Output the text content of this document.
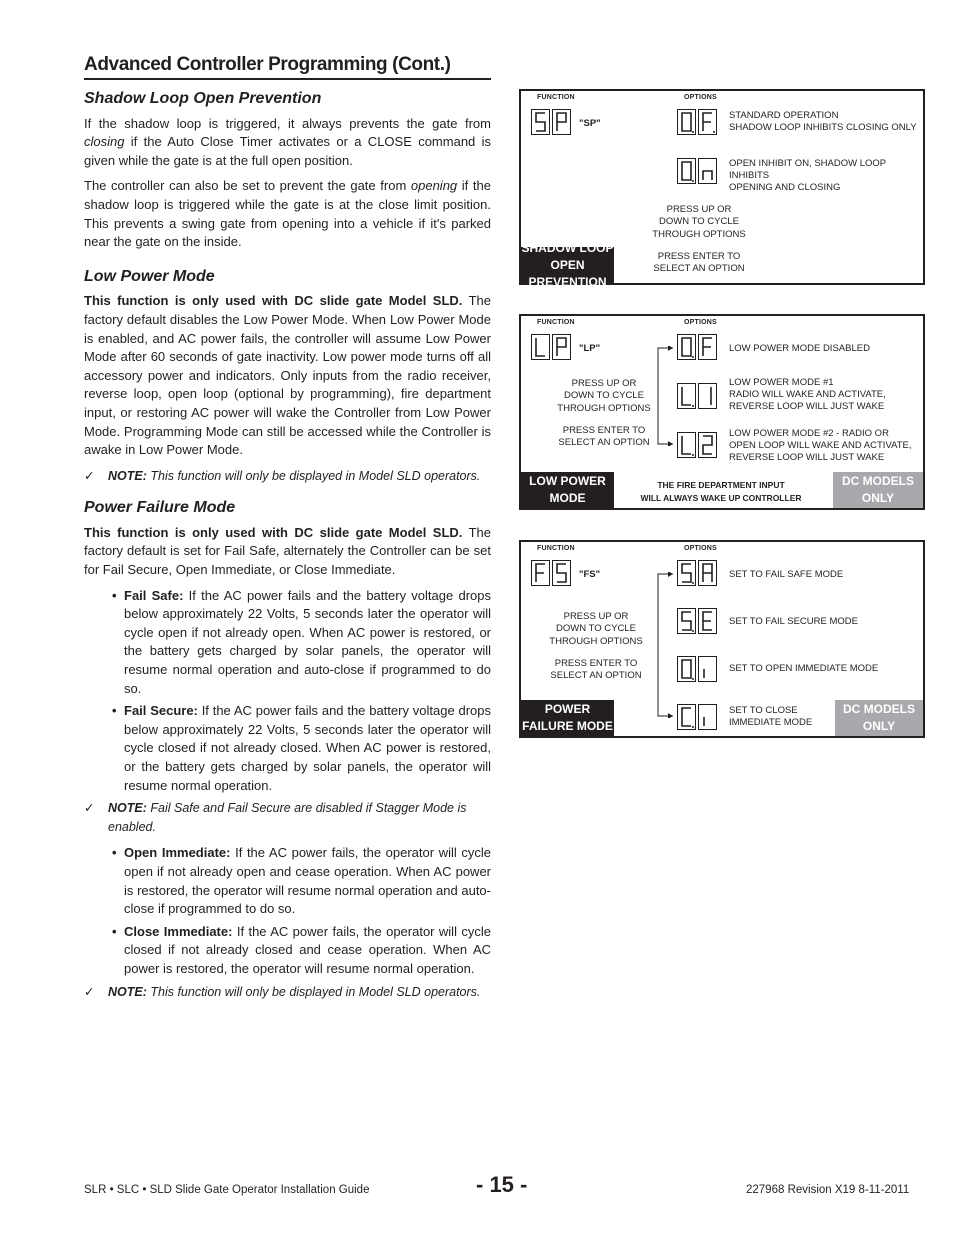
Advanced Controller Programming (Cont.)
Shadow Loop Open Prevention

If the shadow loop is triggered, it always prevents the gate from closing if the Auto Close Timer activates or a CLOSE command is given while the gate is at the full open position.

The controller can also be set to prevent the gate from opening if the shadow loop is triggered while the gate is at the close limit position. This prevents a swing gate from opening into a vehicle if it's parked near the gate on the inside.

Low Power Mode

This function is only used with DC slide gate Model SLD. The factory default disables the Low Power Mode. When Low Power Mode is enabled, and AC power fails, the controller will assume Low Power Mode after 60 seconds of gate inactivity. Low power mode turns off all accessory power and indicators. Only inputs from the radio receiver, reverse loop, open loop (optional by programming), fire department input, or restoring AC power will wake the Controller from Low Power Mode. Programming Mode can still be accessed while the Controller is awake in Low Power Mode.

✓	NOTE: This function will only be displayed in Model SLD operators.
Power Failure Mode

This function is only used with DC slide gate Model SLD. The factory default is set for Fail Safe, alternately the Controller can be set for Fail Secure, Open Immediate, or Close Immediate.

• Fail Safe: If the AC power fails and the battery voltage drops below approximately 22 Volts, 5 seconds later the operator will cycle open if not already open. When AC power is restored, or the battery gets charged by solar panels, the operator will resume normal operation and auto-close if programmed to do so.
• Fail Secure: If the AC power fails and the battery voltage drops below approximately 22 Volts, 5 seconds later the operator will cycle closed if not already closed. When AC power is restored, or the battery gets charged by solar panels, the operator will resume normal operation.
✓	NOTE: Fail Safe and Fail Secure are disabled if Stagger Mode is enabled.
• Open Immediate: If the AC power fails, the operator will cycle open if not already open and cease operation. When AC power is restored, the operator will resume normal operation and auto-close if programmed to do so.
• Close Immediate: If the AC power fails, the operator will cycle closed if not already closed and cease operation. When AC power is restored, the operator will resume normal operation.
✓	NOTE: This function will only be displayed in Model SLD operators.
FUNCTION	OPTIONS
"SP"
STANDARD OPERATION
SHADOW LOOP INHIBITS CLOSING ONLY
OPEN INHIBIT ON, SHADOW LOOP INHIBITS
OPENING AND CLOSING
PRESS UP OR
DOWN TO CYCLE
THROUGH OPTIONS
PRESS ENTER TO
SELECT AN OPTION
SHADOW LOOP
OPEN PREVENTION
FUNCTION	OPTIONS
"LP"	LOW POWER MODE DISABLED
LOW POWER MODE #1
RADIO WILL WAKE AND ACTIVATE,
REVERSE LOOP WILL JUST WAKE
LOW POWER MODE #2 - RADIO OR
OPEN LOOP WILL WAKE AND ACTIVATE,
REVERSE LOOP WILL JUST WAKE
PRESS UP OR
DOWN TO CYCLE
THROUGH OPTIONS
PRESS ENTER TO
SELECT AN OPTION
LOW POWER
MODE
THE FIRE DEPARTMENT INPUT
WILL ALWAYS WAKE UP CONTROLLER
DC MODELS
ONLY
FUNCTION	OPTIONS
"FS"	SET TO FAIL SAFE MODE
SET TO FAIL SECURE MODE
SET TO OPEN IMMEDIATE MODE
SET TO CLOSE
IMMEDIATE MODE
PRESS UP OR
DOWN TO CYCLE
THROUGH OPTIONS
PRESS ENTER TO
SELECT AN OPTION
POWER
FAILURE MODE
DC MODELS
ONLY
SLR • SLC • SLD Slide Gate Operator Installation Guide	- 15 -	227968 Revision X19 8-11-2011
